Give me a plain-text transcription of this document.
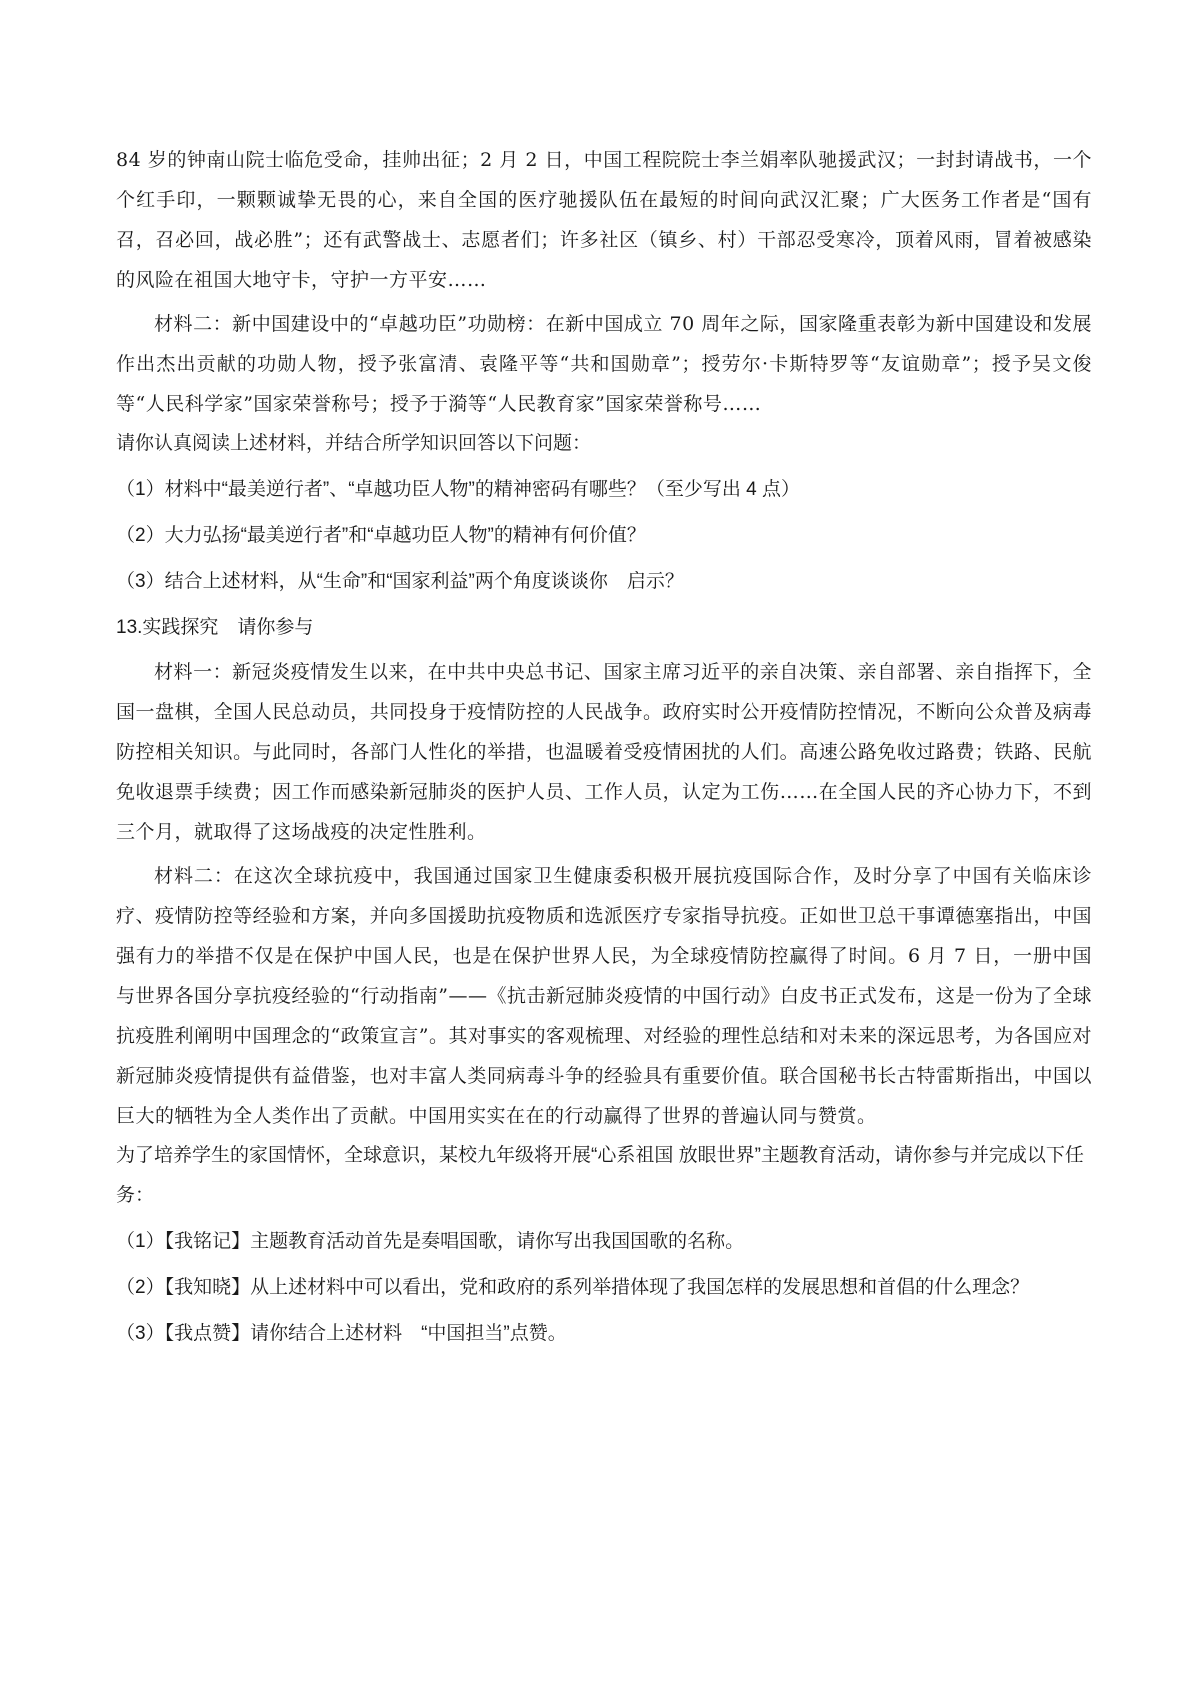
84 岁的钟南山院士临危受命，挂帅出征；2 月 2 日，中国工程院院士李兰娟率队驰援武汉；一封封请战书，一个个红手印，一颗颗诚挚无畏的心，来自全国的医疗驰援队伍在最短的时间向武汉汇聚；广大医务工作者是“国有召，召必回，战必胜”；还有武警战士、志愿者们；许多社区（镇乡、村）干部忍受寒冷，顶着风雨，冒着被感染的风险在祖国大地守卡，守护一方平安……

材料二：新中国建设中的“卓越功臣”功勋榜：在新中国成立 70 周年之际，国家隆重表彰为新中国建设和发展作出杰出贡献的功勋人物，授予张富清、袁隆平等“共和国勋章”；授劳尔·卡斯特罗等“友谊勋章”；授予吴文俊等“人民科学家”国家荣誉称号；授予于漪等“人民教育家”国家荣誉称号……

请你认真阅读上述材料，并结合所学知识回答以下问题：

（1）材料中“最美逆行者”、“卓越功臣人物”的精神密码有哪些？（至少写出 4 点）

（2）大力弘扬“最美逆行者”和“卓越功臣人物”的精神有何价值？

（3）结合上述材料，从“生命”和“国家利益”两个角度谈谈你　启示？

13.实践探究　请你参与

材料一：新冠炎疫情发生以来，在中共中央总书记、国家主席习近平的亲自决策、亲自部署、亲自指挥下，全国一盘棋，全国人民总动员，共同投身于疫情防控的人民战争。政府实时公开疫情防控情况，不断向公众普及病毒防控相关知识。与此同时，各部门人性化的举措，也温暖着受疫情困扰的人们。高速公路免收过路费；铁路、民航免收退票手续费；因工作而感染新冠肺炎的医护人员、工作人员，认定为工伤……在全国人民的齐心协力下，不到三个月，就取得了这场战疫的决定性胜利。

材料二：在这次全球抗疫中，我国通过国家卫生健康委积极开展抗疫国际合作，及时分享了中国有关临床诊疗、疫情防控等经验和方案，并向多国援助抗疫物质和选派医疗专家指导抗疫。正如世卫总干事谭德塞指出，中国强有力的举措不仅是在保护中国人民，也是在保护世界人民，为全球疫情防控赢得了时间。6 月 7 日，一册中国与世界各国分享抗疫经验的“行动指南”——《抗击新冠肺炎疫情的中国行动》白皮书正式发布，这是一份为了全球抗疫胜利阐明中国理念的“政策宣言”。其对事实的客观梳理、对经验的理性总结和对未来的深远思考，为各国应对新冠肺炎疫情提供有益借鉴，也对丰富人类同病毒斗争的经验具有重要价值。联合国秘书长古特雷斯指出，中国以巨大的牺牲为全人类作出了贡献。中国用实实在在的行动赢得了世界的普遍认同与赞赏。

为了培养学生的家国情怀，全球意识，某校九年级将开展“心系祖国 放眼世界”主题教育活动，请你参与并完成以下任务：

（1）【我铭记】主题教育活动首先是奏唱国歌，请你写出我国国歌的名称。

（2）【我知晓】从上述材料中可以看出，党和政府的系列举措体现了我国怎样的发展思想和首倡的什么理念？

（3）【我点赞】请你结合上述材料　“中国担当”点赞。
